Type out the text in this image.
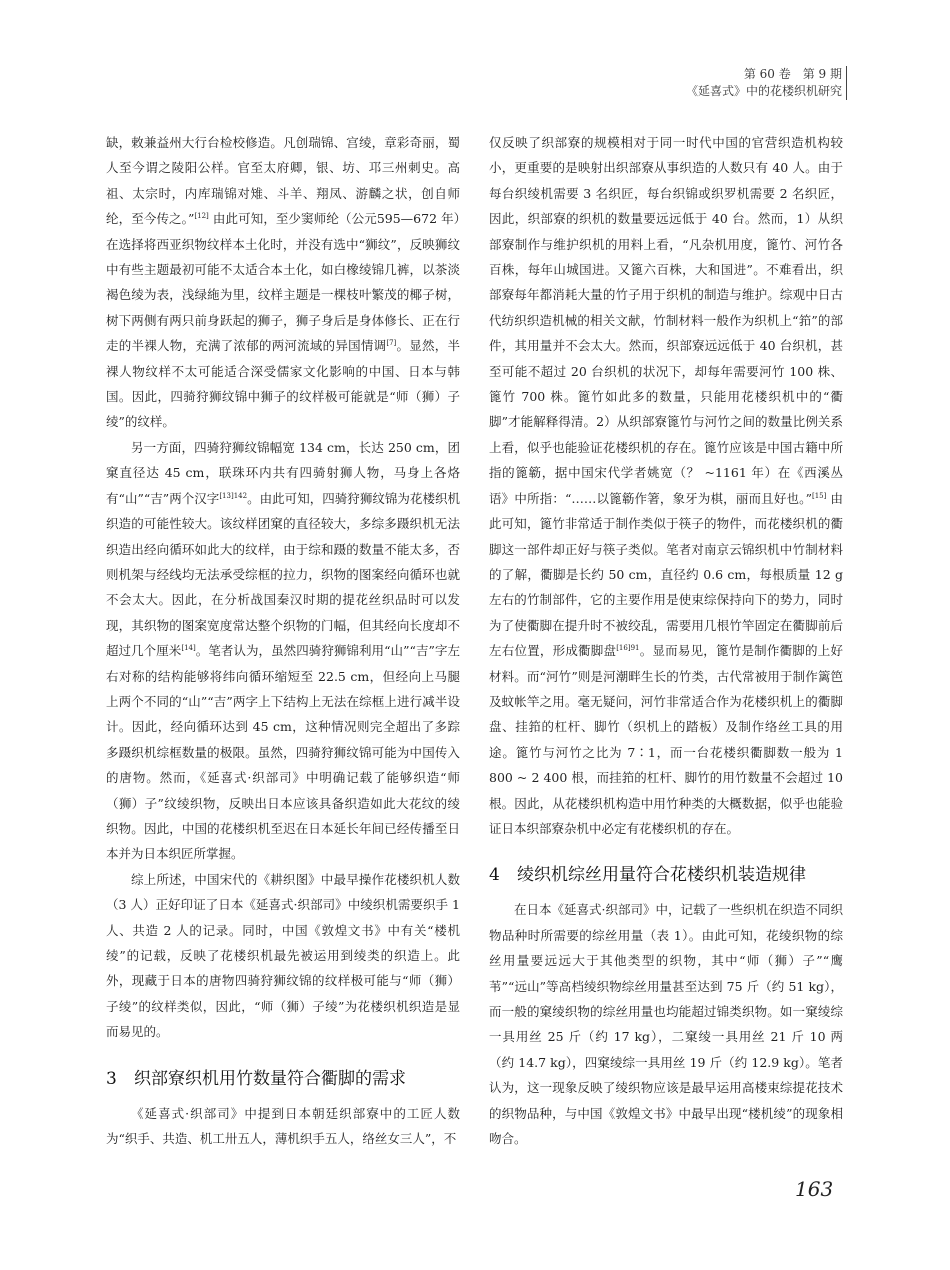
第 60 卷　第 9 期
《延喜式》中的花楼织机研究

缺，敕兼益州大行台检校修造。凡创瑞锦、宫绫，章彩奇丽，蜀人至今谓之陵阳公样。官至太府卿，银、坊、邛三州刺史。高祖、太宗时，内库瑞锦对雉、斗羊、翔凤、游麟之状，创自师纶，至今传之。”[12] 由此可知，至少窦师纶（公元595—672 年）在选择将西亚织物纹样本土化时，并没有选中“狮纹”，反映狮纹中有些主题最初可能不太适合本土化，如白橡绫锦几裤，以茶淡褐色绫为表，浅绿絁为里，纹样主题是一棵枝叶繁茂的椰子树，树下两侧有两只前身跃起的狮子，狮子身后是身体修长、正在行走的半裸人物，充满了浓郁的两河流域的异国情调[7]。显然，半裸人物纹样不太可能适合深受儒家文化影响的中国、日本与韩国。因此，四骑狩狮纹锦中狮子的纹样极可能就是“师（狮）子绫”的纹样。

另一方面，四骑狩狮纹锦幅宽 134 cm，长达 250 cm，团窠直径达 45 cm，联珠环内共有四骑射狮人物，马身上各烙有“山”“吉”两个汉字$^{[13]142}$。由此可知，四骑狩狮纹锦为花楼织机织造的可能性较大。该纹样团窠的直径较大，多综多蹑织机无法织造出经向循环如此大的纹样，由于综和蹑的数量不能太多，否则机架与经线均无法承受综框的拉力，织物的图案经向循环也就不会太大。因此，在分析战国秦汉时期的提花丝织品时可以发现，其织物的图案宽度常达整个织物的门幅，但其经向长度却不超过几个厘米[14]。笔者认为，虽然四骑狩狮锦利用“山”“吉”字左右对称的结构能够将纬向循环缩短至 22.5 cm，但经向上马腿上两个不同的“山”“吉”两字上下结构上无法在综框上进行减半设计。因此，经向循环达到 45 cm，这种情况则完全超出了多踪多蹑织机综框数量的极限。虽然，四骑狩狮纹锦可能为中国传入的唐物。然而，《延喜式·织部司》中明确记载了能够织造“师（狮）子”纹绫织物，反映出日本应该具备织造如此大花纹的绫织物。因此，中国的花楼织机至迟在日本延长年间已经传播至日本并为日本织匠所掌握。

综上所述，中国宋代的《耕织图》中最早操作花楼织机人数（3 人）正好印证了日本《延喜式·织部司》中绫织机需要织手 1 人、共造 2 人的记录。同时，中国《敦煌文书》中有关“楼机绫”的记载，反映了花楼织机最先被运用到绫类的织造上。此外，现藏于日本的唐物四骑狩狮纹锦的纹样极可能与“师（狮）子绫”的纹样类似，因此，“师（狮）子绫”为花楼织机织造是显而易见的。

3 织部寮织机用竹数量符合衢脚的需求

《延喜式·织部司》中提到日本朝廷织部寮中的工匠人数为“织手、共造、机工卅五人，薄机织手五人，络丝女三人”，不

仅反映了织部寮的规模相对于同一时代中国的官营织造机构较小，更重要的是映射出织部寮从事织造的人数只有 40 人。由于每台织绫机需要 3 名织匠，每台织锦或织罗机需要 2 名织匠，因此，织部寮的织机的数量要远远低于 40 台。然而，1）从织部寮制作与维护织机的用料上看，“凡杂机用度，篦竹、河竹各百株，每年山城国进。又篦六百株，大和国进”。不难看出，织部寮每年都消耗大量的竹子用于织机的制造与维护。综观中日古代纺织织造机械的相关文献，竹制材料一般作为织机上“筘”的部件，其用量并不会太大。然而，织部寮远远低于 40 台织机，甚至可能不超过 20 台织机的状况下，却每年需要河竹 100 株、篦竹 700 株。篦竹如此多的数量，只能用花楼织机中的“衢脚”才能解释得清。2）从织部寮篦竹与河竹之间的数量比例关系上看，似乎也能验证花楼织机的存在。篦竹应该是中国古籍中所指的篦簕，据中国宋代学者姚宽（？ ~1161 年）在《西溪丛语》中所指：“……以篦簕作箸，象牙为棋，丽而且好也。”[15] 由此可知，篦竹非常适于制作类似于筷子的物件，而花楼织机的衢脚这一部件却正好与筷子类似。笔者对南京云锦织机中竹制材料的了解，衢脚是长约 50 cm，直径约 0.6 cm，每根质量 12 g 左右的竹制部件，它的主要作用是使束综保持向下的势力，同时为了使衢脚在提升时不被绞乱，需要用几根竹竿固定在衢脚前后左右位置，形成衢脚盘$^{[16]91}$。显而易见，篦竹是制作衢脚的上好材料。而“河竹”则是河潮畔生长的竹类，古代常被用于制作篱笆及蚊帐竿之用。毫无疑问，河竹非常适合作为花楼织机上的衢脚盘、挂筘的杠杆、脚竹（织机上的踏板）及制作络丝工具的用途。篦竹与河竹之比为 7∶1，而一台花楼织衢脚数一般为 1 800 ~ 2 400 根，而挂筘的杠杆、脚竹的用竹数量不会超过 10 根。因此，从花楼织机构造中用竹种类的大概数据，似乎也能验证日本织部寮杂机中必定有花楼织机的存在。

4 绫织机综丝用量符合花楼织机装造规律

在日本《延喜式·织部司》中，记载了一些织机在织造不同织物品种时所需要的综丝用量（表 1）。由此可知，花绫织物的综丝用量要远远大于其他类型的织物，其中“师（狮）子”“鹰苇”“远山”等高档绫织物综丝用量甚至达到 75 斤（约 51 kg），而一般的窠绫织物的综丝用量也均能超过锦类织物。如一窠绫综一具用丝 25 斤（约 17 kg），二窠绫一具用丝 21 斤 10 两（约 14.7 kg），四窠绫综一具用丝 19 斤（约 12.9 kg）。笔者认为，这一现象反映了绫织物应该是最早运用高楼束综提花技术的织物品种，与中国《敦煌文书》中最早出现“楼机绫”的现象相吻合。

163
